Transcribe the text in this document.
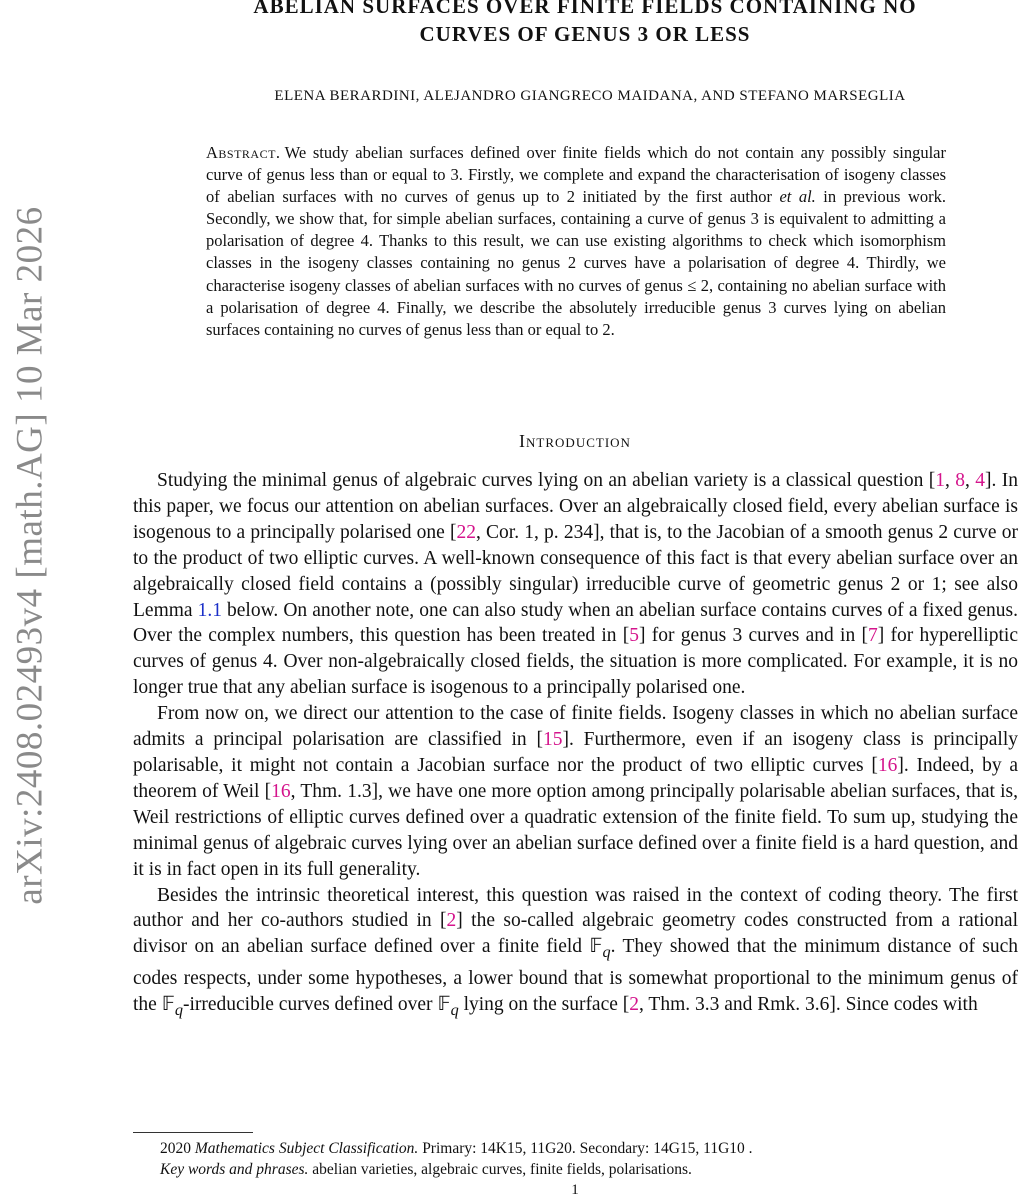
arXiv:2408.02493v4 [math.AG] 10 Mar 2026
ABELIAN SURFACES OVER FINITE FIELDS CONTAINING NO
CURVES OF GENUS 3 OR LESS
ELENA BERARDINI, ALEJANDRO GIANGRECO MAIDANA, AND STEFANO MARSEGLIA
Abstract. We study abelian surfaces defined over finite fields which do not contain any possibly singular curve of genus less than or equal to 3. Firstly, we complete and expand the characterisation of isogeny classes of abelian surfaces with no curves of genus up to 2 initiated by the first author et al. in previous work. Secondly, we show that, for simple abelian surfaces, containing a curve of genus 3 is equivalent to admitting a polarisation of degree 4. Thanks to this result, we can use existing algorithms to check which isomorphism classes in the isogeny classes containing no genus 2 curves have a polarisation of degree 4. Thirdly, we characterise isogeny classes of abelian surfaces with no curves of genus ≤ 2, containing no abelian surface with a polarisation of degree 4. Finally, we describe the absolutely irreducible genus 3 curves lying on abelian surfaces containing no curves of genus less than or equal to 2.
Introduction

Studying the minimal genus of algebraic curves lying on an abelian variety is a classical question [1, 8, 4]. In this paper, we focus our attention on abelian surfaces. Over an algebraically closed field, every abelian surface is isogenous to a principally polarised one [22, Cor. 1, p. 234], that is, to the Jacobian of a smooth genus 2 curve or to the product of two elliptic curves. A well-known consequence of this fact is that every abelian surface over an algebraically closed field contains a (possibly singular) irreducible curve of geometric genus 2 or 1; see also Lemma 1.1 below. On another note, one can also study when an abelian surface contains curves of a fixed genus. Over the complex numbers, this question has been treated in [5] for genus 3 curves and in [7] for hyperelliptic curves of genus 4. Over non-algebraically closed fields, the situation is more complicated. For example, it is no longer true that any abelian surface is isogenous to a principally polarised one.

From now on, we direct our attention to the case of finite fields. Isogeny classes in which no abelian surface admits a principal polarisation are classified in [15]. Furthermore, even if an isogeny class is principally polarisable, it might not contain a Jacobian surface nor the product of two elliptic curves [16]. Indeed, by a theorem of Weil [16, Thm. 1.3], we have one more option among principally polarisable abelian surfaces, that is, Weil restrictions of elliptic curves defined over a quadratic extension of the finite field. To sum up, studying the minimal genus of algebraic curves lying over an abelian surface defined over a finite field is a hard question, and it is in fact open in its full generality.

Besides the intrinsic theoretical interest, this question was raised in the context of coding theory. The first author and her co-authors studied in [2] the so-called algebraic geometry codes constructed from a rational divisor on an abelian surface defined over a finite field 𝔽$_q$. They showed that the minimum distance of such codes respects, under some hypotheses, a lower bound that is somewhat proportional to the minimum genus of the 𝔽$_q$-irreducible curves defined over 𝔽$_q$ lying on the surface [2, Thm. 3.3 and Rmk. 3.6]. Since codes with

2020 Mathematics Subject Classification. Primary: 14K15, 11G20. Secondary: 14G15, 11G10 .
Key words and phrases. abelian varieties, algebraic curves, finite fields, polarisations.
1
